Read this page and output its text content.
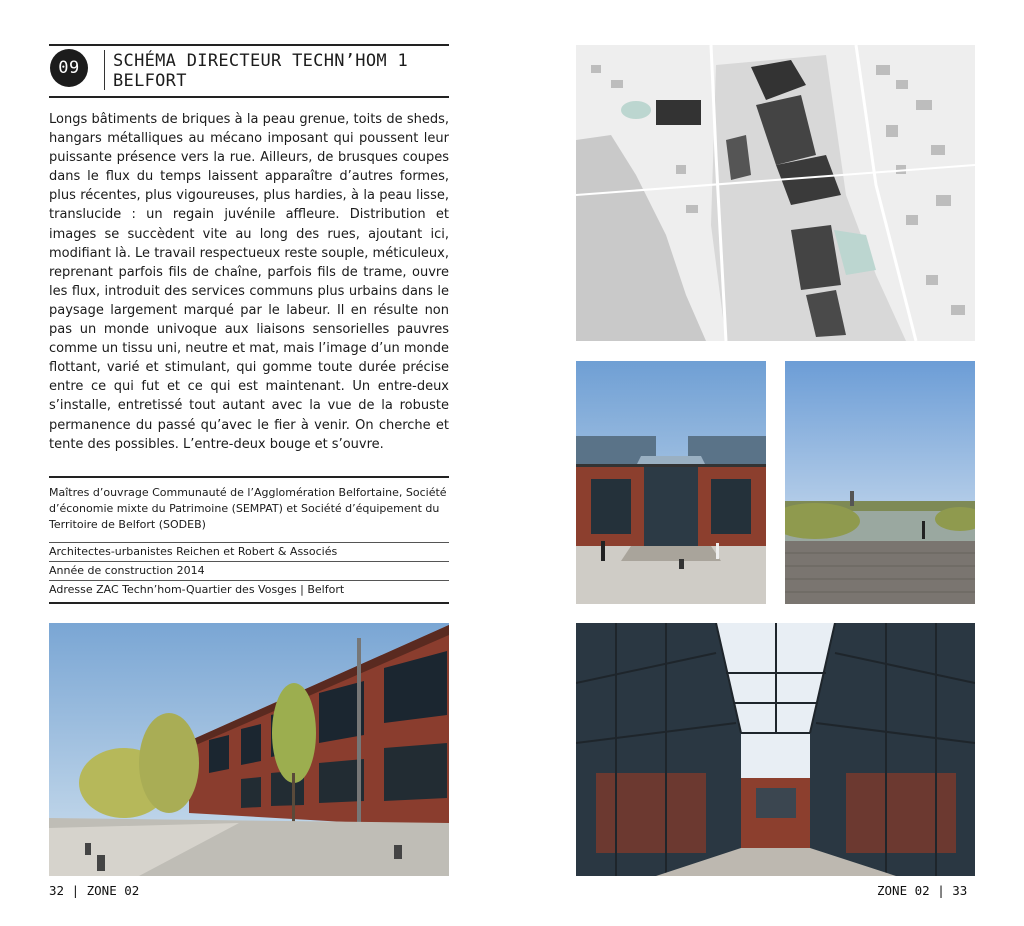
09	SCHÉMA DIRECTEUR TECHN’HOM 1
BELFORT

Longs bâtiments de briques à la peau grenue, toits de sheds, hangars métalliques au mécano imposant qui poussent leur puissante présence vers la rue. Ailleurs, de brusques coupes dans le flux du temps laissent apparaître d’autres formes, plus récentes, plus vigoureuses, plus hardies, à la peau lisse, translucide : un regain juvénile affleure. Distribution et images se succèdent vite au long des rues, ajoutant ici, modifiant là. Le travail respectueux reste souple, méticuleux, reprenant parfois fils de chaîne, parfois fils de trame, ouvre les flux, introduit des services communs plus urbains dans le paysage largement marqué par le labeur. Il en résulte non pas un monde univoque aux liaisons sensorielles pauvres comme un tissu uni, neutre et mat, mais l’image d’un monde flottant, varié et stimulant, qui gomme toute durée précise entre ce qui fut et ce qui est maintenant. Un entre-deux s’installe, entretissé tout autant avec la vue de la robuste permanence du passé qu’avec le fier à venir. On cherche et tente des possibles. L’entre-deux bouge et s’ouvre.

Maîtres d’ouvrage Communauté de l’Agglomération Belfortaine, Société d’économie mixte du Patrimoine (SEMPAT) et Société d’équipement du Territoire de Belfort (SODEB)
Architectes-urbanistes Reichen et Robert & Associés
Année de construction 2014
Adresse ZAC Techn’hom-Quartier des Vosges | Belfort
32 | ZONE 02	ZONE 02 | 33
